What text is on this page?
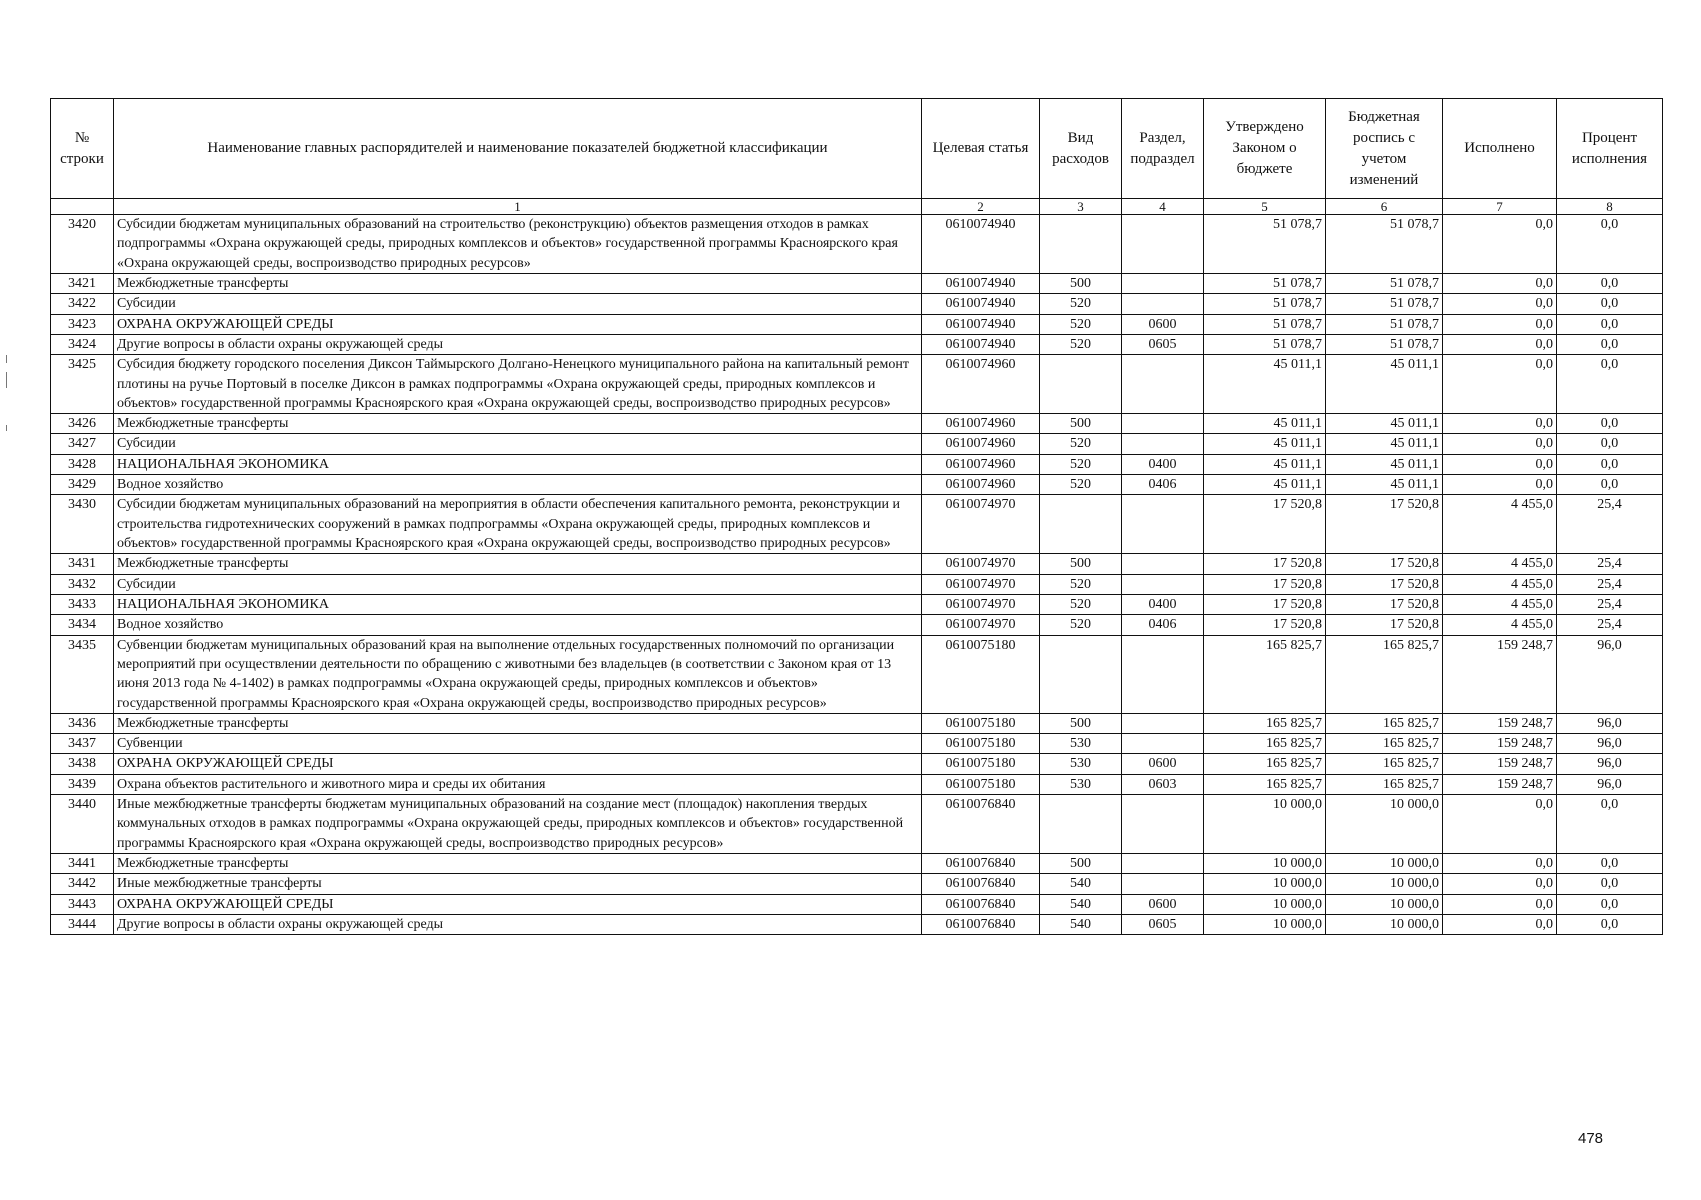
№ строки	Наименование главных распорядителей и наименование показателей бюджетной классификации	Целевая статья	Вид расходов	Раздел, подраздел	Утверждено Законом о бюджете	Бюджетная роспись с учетом изменений	Исполнено	Процент исполнения
	1	2	3	4	5	6	7	8
3420	Субсидии бюджетам муниципальных образований на строительство (реконструкцию) объектов размещения отходов в рамках подпрограммы «Охрана окружающей среды, природных комплексов и объектов» государственной программы Красноярского края «Охрана окружающей среды, воспроизводство природных ресурсов»	0610074940			51 078,7	51 078,7	0,0	0,0
3421	Межбюджетные трансферты	0610074940	500		51 078,7	51 078,7	0,0	0,0
3422	Субсидии	0610074940	520		51 078,7	51 078,7	0,0	0,0
3423	ОХРАНА ОКРУЖАЮЩЕЙ СРЕДЫ	0610074940	520	0600	51 078,7	51 078,7	0,0	0,0
3424	Другие вопросы в области охраны окружающей среды	0610074940	520	0605	51 078,7	51 078,7	0,0	0,0
3425	Субсидия бюджету городского поселения Диксон Таймырского Долгано-Ненецкого муниципального района на капитальный ремонт плотины на ручье Портовый в поселке Диксон в рамках подпрограммы «Охрана окружающей среды, природных комплексов и объектов» государственной программы Красноярского края «Охрана окружающей среды, воспроизводство природных ресурсов»	0610074960			45 011,1	45 011,1	0,0	0,0
3426	Межбюджетные трансферты	0610074960	500		45 011,1	45 011,1	0,0	0,0
3427	Субсидии	0610074960	520		45 011,1	45 011,1	0,0	0,0
3428	НАЦИОНАЛЬНАЯ ЭКОНОМИКА	0610074960	520	0400	45 011,1	45 011,1	0,0	0,0
3429	Водное хозяйство	0610074960	520	0406	45 011,1	45 011,1	0,0	0,0
3430	Субсидии бюджетам муниципальных образований на мероприятия в области обеспечения капитального ремонта, реконструкции и строительства гидротехнических сооружений в рамках подпрограммы «Охрана окружающей среды, природных комплексов и объектов» государственной программы Красноярского края «Охрана окружающей среды, воспроизводство природных ресурсов»	0610074970			17 520,8	17 520,8	4 455,0	25,4
3431	Межбюджетные трансферты	0610074970	500		17 520,8	17 520,8	4 455,0	25,4
3432	Субсидии	0610074970	520		17 520,8	17 520,8	4 455,0	25,4
3433	НАЦИОНАЛЬНАЯ ЭКОНОМИКА	0610074970	520	0400	17 520,8	17 520,8	4 455,0	25,4
3434	Водное хозяйство	0610074970	520	0406	17 520,8	17 520,8	4 455,0	25,4
3435	Субвенции бюджетам муниципальных образований края на выполнение отдельных государственных полномочий по организации мероприятий при осуществлении деятельности по обращению с животными без владельцев (в соответствии с Законом края от 13 июня 2013 года № 4-1402) в рамках подпрограммы «Охрана окружающей среды, природных комплексов и объектов» государственной программы Красноярского края «Охрана окружающей среды, воспроизводство природных ресурсов»	0610075180			165 825,7	165 825,7	159 248,7	96,0
3436	Межбюджетные трансферты	0610075180	500		165 825,7	165 825,7	159 248,7	96,0
3437	Субвенции	0610075180	530		165 825,7	165 825,7	159 248,7	96,0
3438	ОХРАНА ОКРУЖАЮЩЕЙ СРЕДЫ	0610075180	530	0600	165 825,7	165 825,7	159 248,7	96,0
3439	Охрана объектов растительного и животного мира и среды их обитания	0610075180	530	0603	165 825,7	165 825,7	159 248,7	96,0
3440	Иные межбюджетные трансферты бюджетам муниципальных образований на создание мест (площадок) накопления твердых коммунальных отходов в рамках подпрограммы «Охрана окружающей среды, природных комплексов и объектов» государственной программы Красноярского края «Охрана окружающей среды, воспроизводство природных ресурсов»	0610076840			10 000,0	10 000,0	0,0	0,0
3441	Межбюджетные трансферты	0610076840	500		10 000,0	10 000,0	0,0	0,0
3442	Иные межбюджетные трансферты	0610076840	540		10 000,0	10 000,0	0,0	0,0
3443	ОХРАНА ОКРУЖАЮЩЕЙ СРЕДЫ	0610076840	540	0600	10 000,0	10 000,0	0,0	0,0
3444	Другие вопросы в области охраны окружающей среды	0610076840	540	0605	10 000,0	10 000,0	0,0	0,0
478
